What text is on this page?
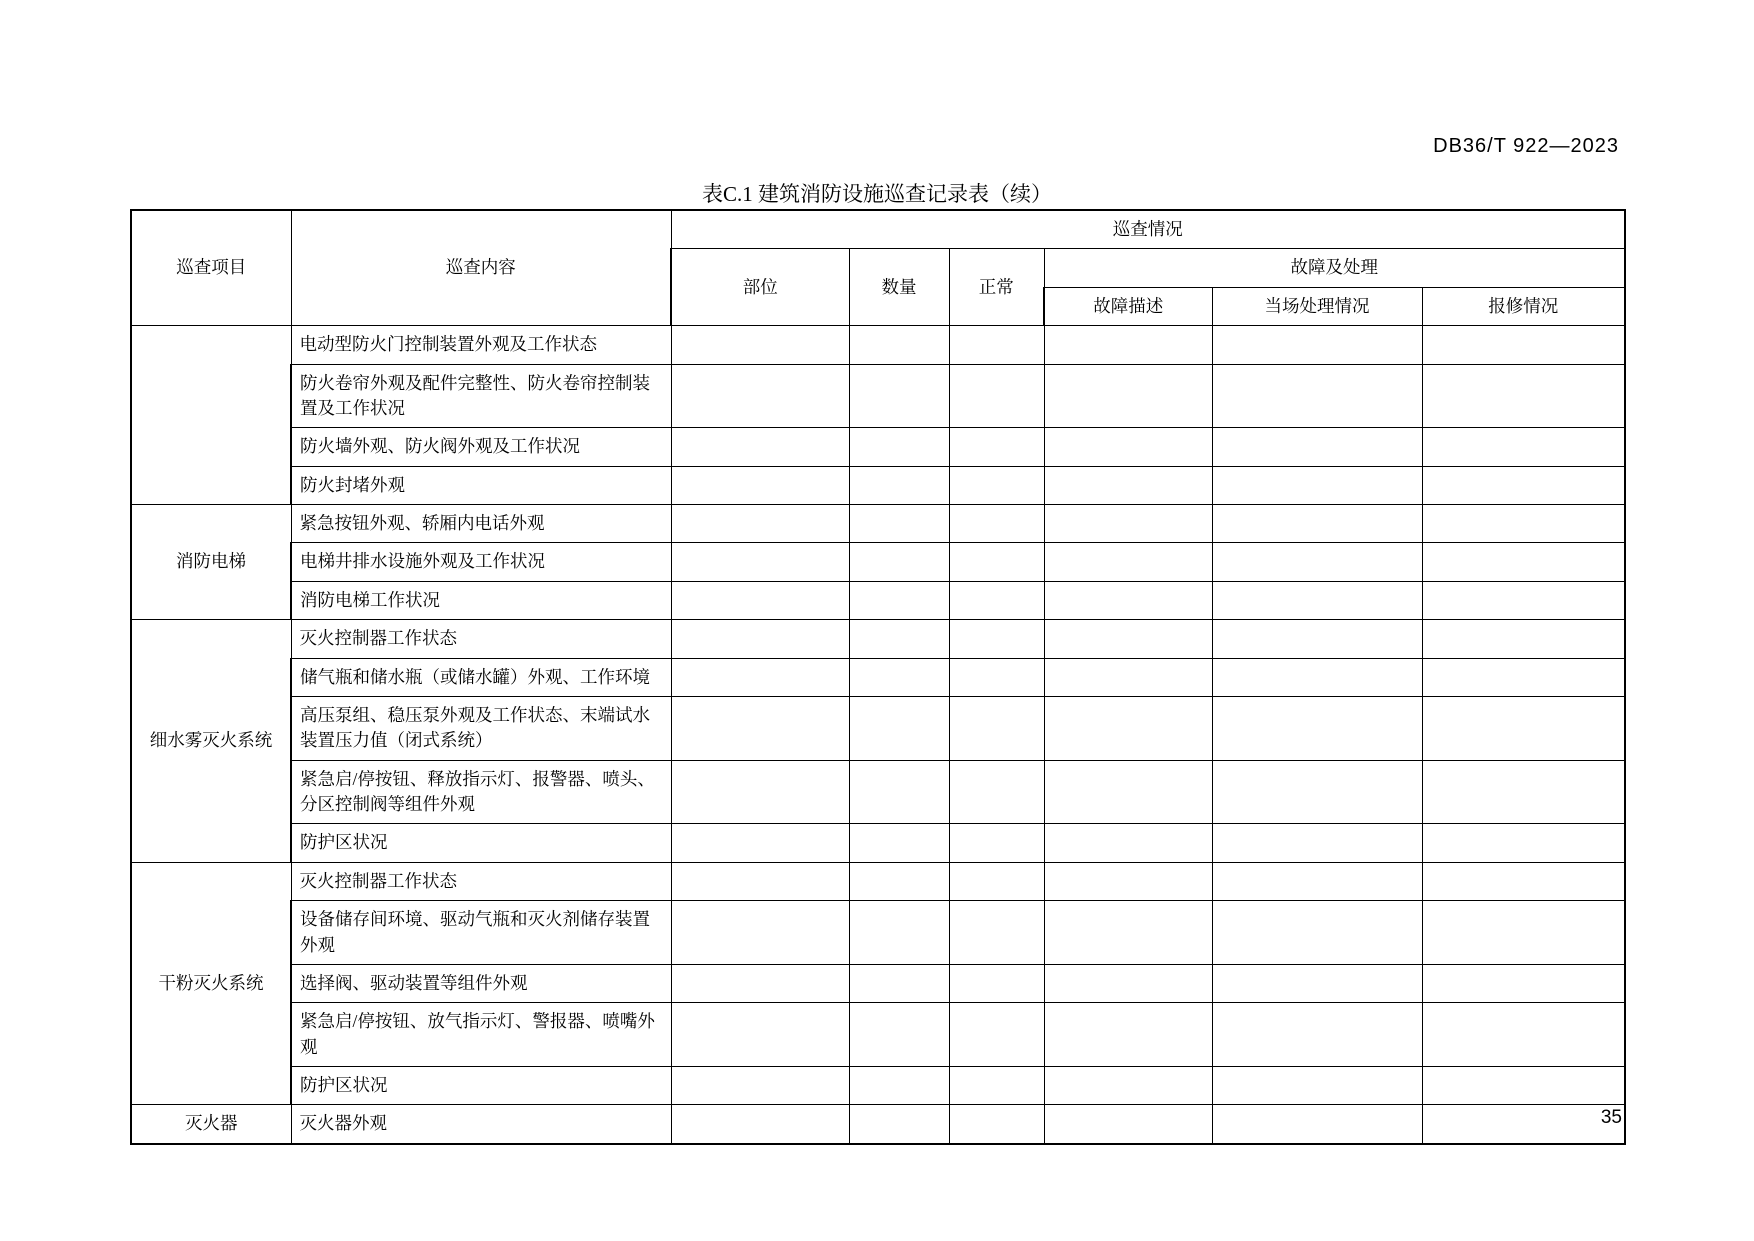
DB36/T 922—2023
表C.1 建筑消防设施巡查记录表（续）
巡查项目	巡查内容	巡查情况					
		部位	数量	正常	故障及处理		
					故障描述	当场处理情况	报修情况
	电动型防火门控制装置外观及工作状态						
	防火卷帘外观及配件完整性、防火卷帘控制装置及工作状况						
	防火墙外观、防火阀外观及工作状况						
	防火封堵外观						
消防电梯	紧急按钮外观、轿厢内电话外观						
	电梯井排水设施外观及工作状况						
	消防电梯工作状况						
细水雾灭火系统	灭火控制器工作状态						
	储气瓶和储水瓶（或储水罐）外观、工作环境						
	高压泵组、稳压泵外观及工作状态、末端试水装置压力值（闭式系统）						
	紧急启/停按钮、释放指示灯、报警器、喷头、分区控制阀等组件外观						
	防护区状况						
干粉灭火系统	灭火控制器工作状态						
	设备储存间环境、驱动气瓶和灭火剂储存装置外观						
	选择阀、驱动装置等组件外观						
	紧急启/停按钮、放气指示灯、警报器、喷嘴外观						
	防护区状况						
灭火器	灭火器外观							35
